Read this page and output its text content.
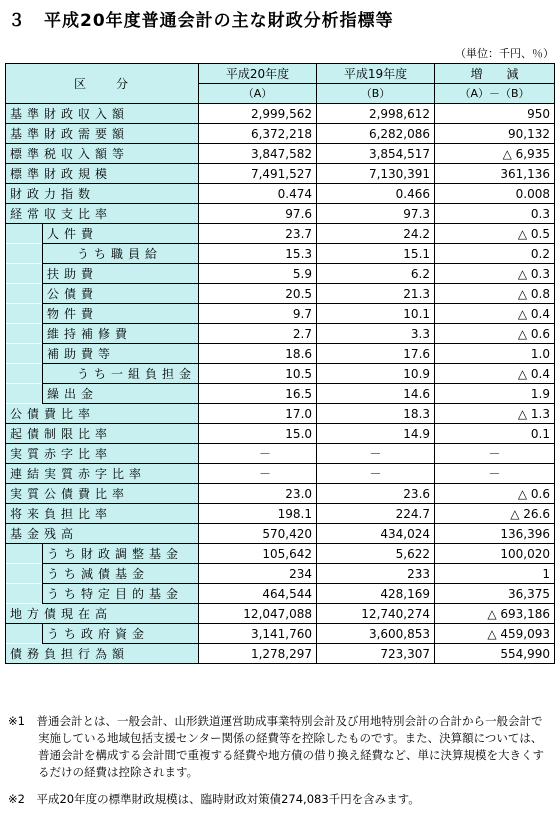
３　平成20年度普通会計の主な財政分析指標等
（単位：千円、％）
区　　分		平成20年度	平成19年度	増　　減
		（A）	（B）	（A）－（B）
基準財政収入額		2,999,562	2,998,612	950
基準財政需要額		6,372,218	6,282,086	90,132
標準税収入額等		3,847,582	3,854,517	△ 6,935
標準財政規模		7,491,527	7,130,391	361,136
財政力指数		0.474	0.466	0.008
経常収支比率		97.6	97.3	0.3
	人件費	23.7	24.2	△ 0.5
	うち職員給	15.3	15.1	0.2
	扶助費	5.9	6.2	△ 0.3
	公債費	20.5	21.3	△ 0.8
	物件費	9.7	10.1	△ 0.4
	維持補修費	2.7	3.3	△ 0.6
	補助費等	18.6	17.6	1.0
	うち一組負担金	10.5	10.9	△ 0.4
	繰出金	16.5	14.6	1.9
公債費比率		17.0	18.3	△ 1.3
起債制限比率		15.0	14.9	0.1
実質赤字比率		－	－	－
連結実質赤字比率		－	－	－
実質公債費比率		23.0	23.6	△ 0.6
将来負担比率		198.1	224.7	△ 26.6
基金残高		570,420	434,024	136,396
	うち財政調整基金	105,642	5,622	100,020
	うち減債基金	234	233	1
	うち特定目的基金	464,544	428,169	36,375
地方債現在高		12,047,088	12,740,274	△ 693,186
	うち政府資金	3,141,760	3,600,853	△ 459,093
債務負担行為額		1,278,297	723,307	554,990

※1　普通会計とは、一般会計、山形鉄道運営助成事業特別会計及び用地特別会計の合計から一般会計で実施している地域包括支援センター関係の経費等を控除したものです。また、決算額については、普通会計を構成する会計間で重複する経費や地方債の借り換え経費など、単に決算規模を大きくするだけの経費は控除されます。

※2　平成20年度の標準財政規模は、臨時財政対策債274,083千円を含みます。
